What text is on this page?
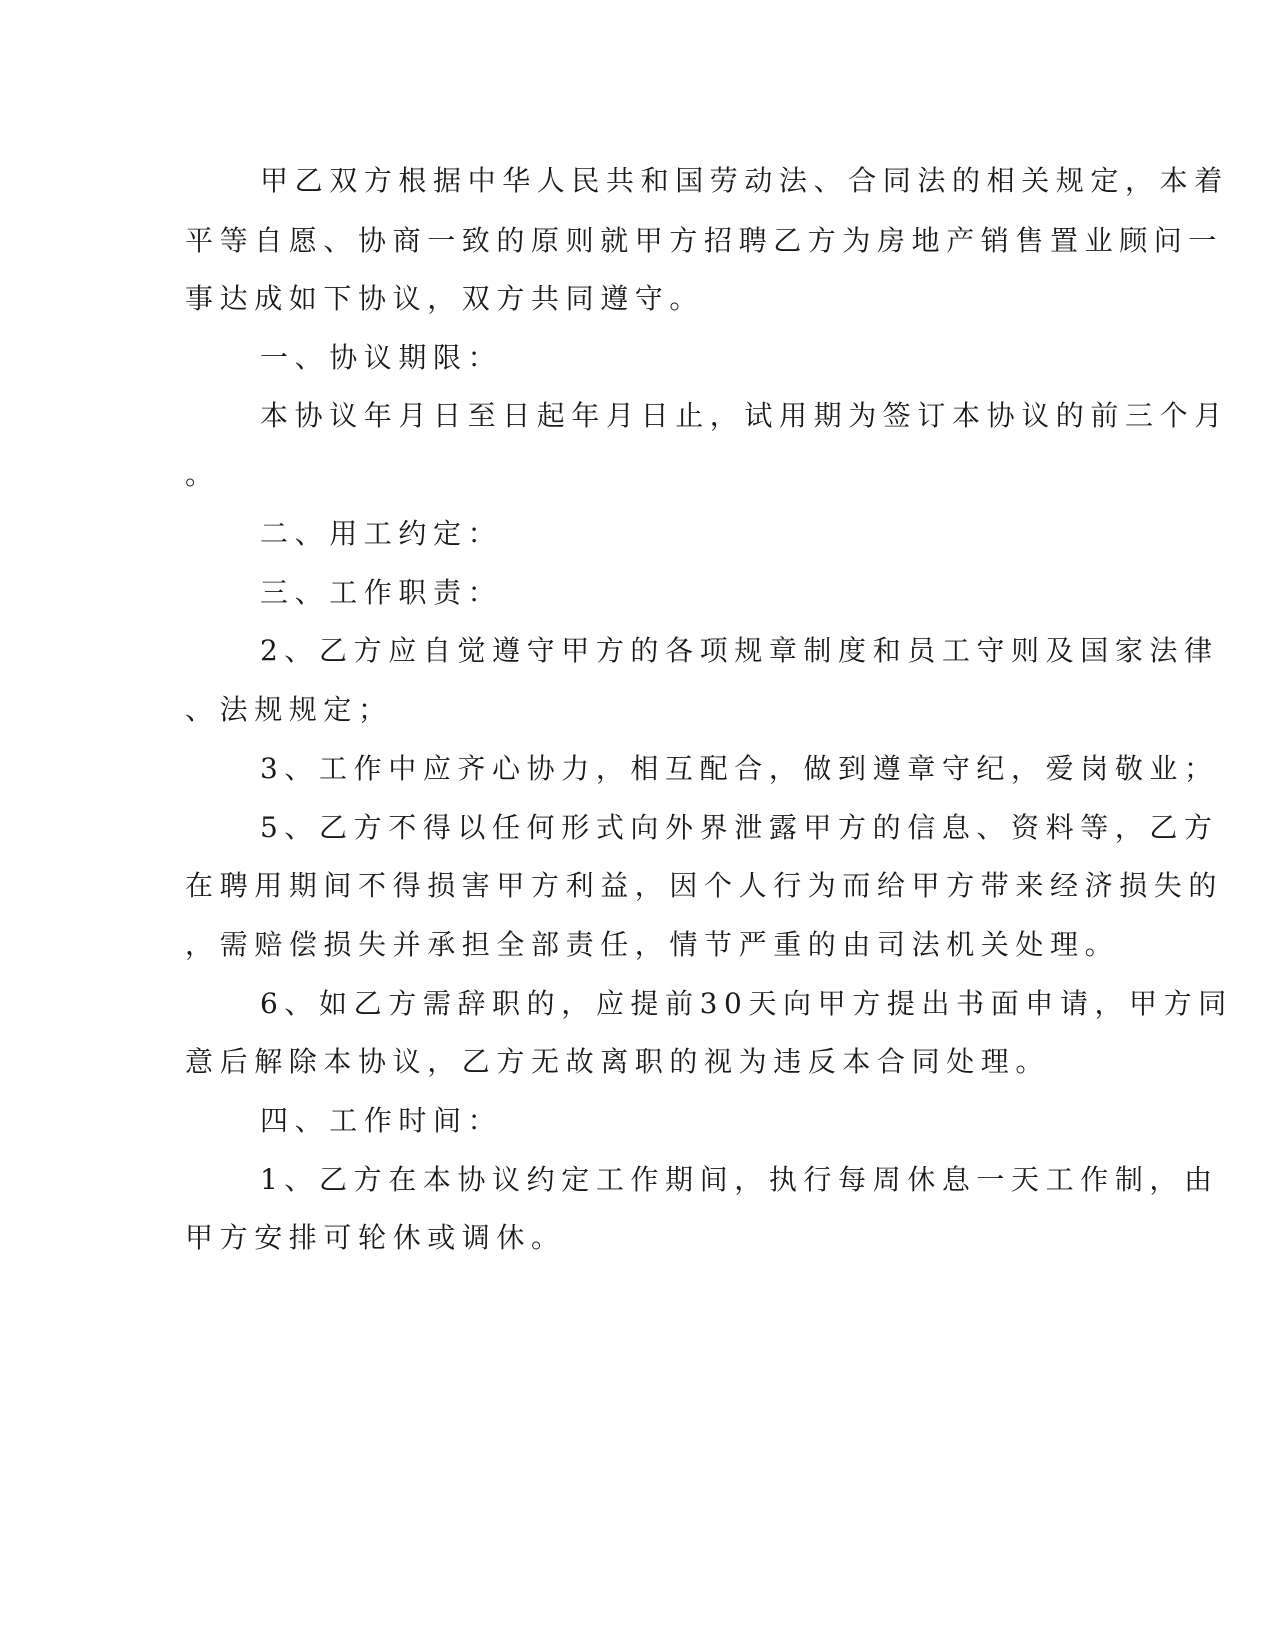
甲乙双方根据中华人民共和国劳动法、合同法的相关规定，本着
平等自愿、协商一致的原则就甲方招聘乙方为房地产销售置业顾问一
事达成如下协议，双方共同遵守。
一、协议期限：
本协议年月日至日起年月日止，试用期为签订本协议的前三个月
。
二、用工约定：
三、工作职责：
2、乙方应自觉遵守甲方的各项规章制度和员工守则及国家法律
、法规规定；
3、工作中应齐心协力，相互配合，做到遵章守纪，爱岗敬业；
5、乙方不得以任何形式向外界泄露甲方的信息、资料等，乙方
在聘用期间不得损害甲方利益，因个人行为而给甲方带来经济损失的
，需赔偿损失并承担全部责任，情节严重的由司法机关处理。
6、如乙方需辞职的，应提前30天向甲方提出书面申请，甲方同
意后解除本协议，乙方无故离职的视为违反本合同处理。
四、工作时间：
1、乙方在本协议约定工作期间，执行每周休息一天工作制，由
甲方安排可轮休或调休。
